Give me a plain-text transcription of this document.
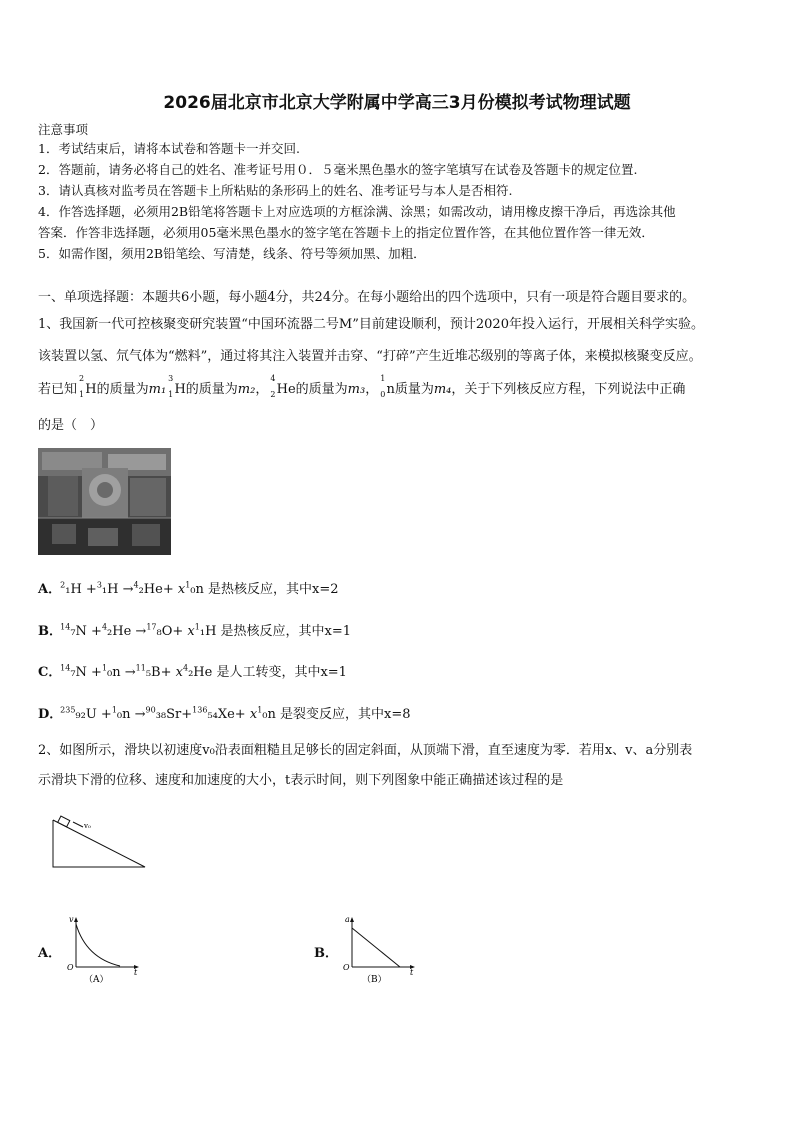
2026届北京市北京大学附属中学高三3月份模拟考试物理试题
注意事项
1．考试结束后，请将本试卷和答题卡一并交回.
2．答题前，请务必将自己的姓名、准考证号用０．５毫米黑色墨水的签字笔填写在试卷及答题卡的规定位置.
3．请认真核对监考员在答题卡上所粘贴的条形码上的姓名、准考证号与本人是否相符.
4．作答选择题，必须用2B铅笔将答题卡上对应选项的方框涂满、涂黑；如需改动，请用橡皮擦干净后，再选涂其他
答案．作答非选择题，必须用05毫米黑色墨水的签字笔在答题卡上的指定位置作答，在其他位置作答一律无效．
5．如需作图，须用2B铅笔绘、写清楚，线条、符号等须加黑、加粗．
一、单项选择题：本题共6小题，每小题4分，共24分。在每小题给出的四个选项中，只有一项是符合题目要求的。
1、我国新一代可控核聚变研究装置“中国环流器二号M”目前建设顺利，预计2020年投入运行，开展相关科学实验。
该装置以氢、氘气体为“燃料”，通过将其注入装置并击穿、“打碎”产生近堆芯级别的等离子体，来模拟核聚变反应。
若已知
2
1 H的质量为m₁
3
1 H的质量为m₂，
4
2 He的质量为m₃，
1
0 n质量为m₄，关于下列核反应方程，下列说法中正确
的是（　）
A． $^2_1H +^3_1H \to^4_2He+ x^1_0n$ 是热核反应，其中x=2
B． $^{14}_7N +^4_2He \to^{17}_8O+ x^1_1H$ 是热核反应，其中x=1
C． $^{14}_7N +^1_0n \to^{11}_5B+ x^4_2He$ 是人工转变，其中x=1
D． $^{235}_{92}U +^1_0n \to^{90}_{38}Sr+^{136}_{54}Xe+ x^1_0n$ 是裂变反应，其中x=8
2、如图所示，滑块以初速度v₀沿表面粗糙且足够长的固定斜面，从顶端下滑，直至速度为零．若用x、v、a分别表
示滑块下滑的位移、速度和加速度的大小，t表示时间，则下列图象中能正确描述该过程的是
v₀
A．
v
O
t
（A）
B．
a
O
t
（B）
